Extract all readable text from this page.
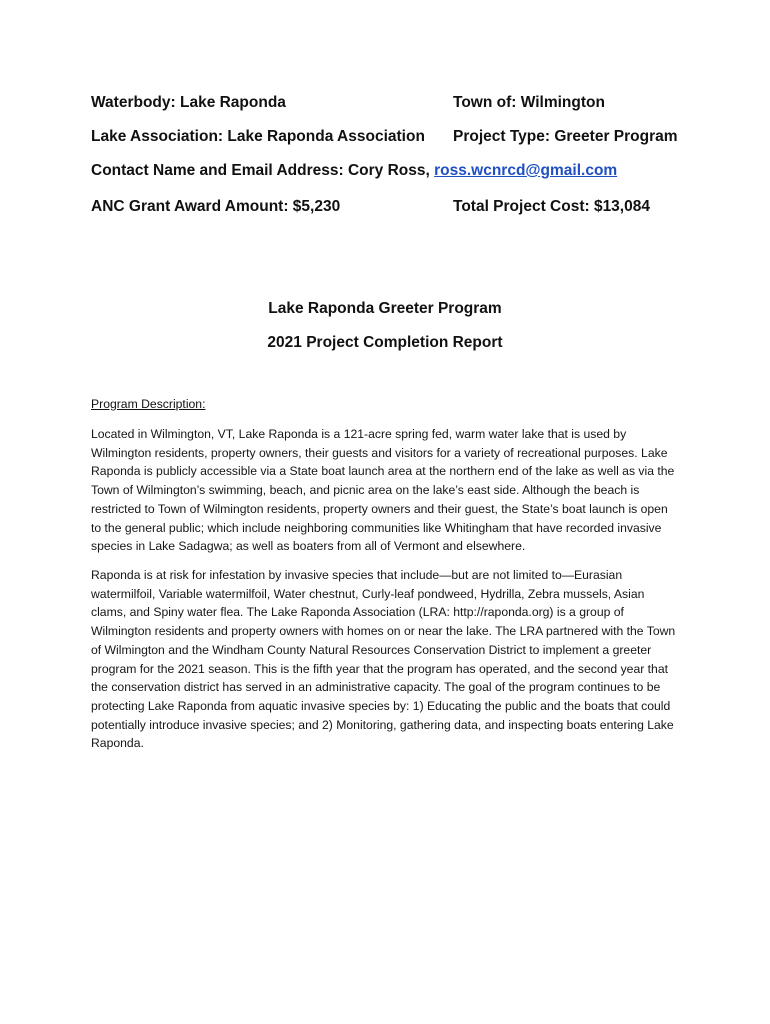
Waterbody: Lake Raponda	Town of: Wilmington
Lake Association: Lake Raponda Association Project Type: Greeter Program
Contact Name and Email Address: Cory Ross, ross.wcnrcd@gmail.com
ANC Grant Award Amount: $5,230	Total Project Cost: $13,084
Lake Raponda Greeter Program
2021 Project Completion Report
Program Description:

Located in Wilmington, VT, Lake Raponda is a 121-acre spring fed, warm water lake that is used by Wilmington residents, property owners, their guests and visitors for a variety of recreational purposes. Lake Raponda is publicly accessible via a State boat launch area at the northern end of the lake as well as via the Town of Wilmington’s swimming, beach, and picnic area on the lake’s east side. Although the beach is restricted to Town of Wilmington residents, property owners and their guest, the State’s boat launch is open to the general public; which include neighboring communities like Whitingham that have recorded invasive species in Lake Sadagwa; as well as boaters from all of Vermont and elsewhere.

Raponda is at risk for infestation by invasive species that include—but are not limited to—Eurasian watermilfoil, Variable watermilfoil, Water chestnut, Curly-leaf pondweed, Hydrilla, Zebra mussels, Asian clams, and Spiny water flea. The Lake Raponda Association (LRA: http://raponda.org) is a group of Wilmington residents and property owners with homes on or near the lake. The LRA partnered with the Town of Wilmington and the Windham County Natural Resources Conservation District to implement a greeter program for the 2021 season. This is the fifth year that the program has operated, and the second year that the conservation district has served in an administrative capacity. The goal of the program continues to be protecting Lake Raponda from aquatic invasive species by: 1) Educating the public and the boats that could potentially introduce invasive species; and 2) Monitoring, gathering data, and inspecting boats entering Lake Raponda.
